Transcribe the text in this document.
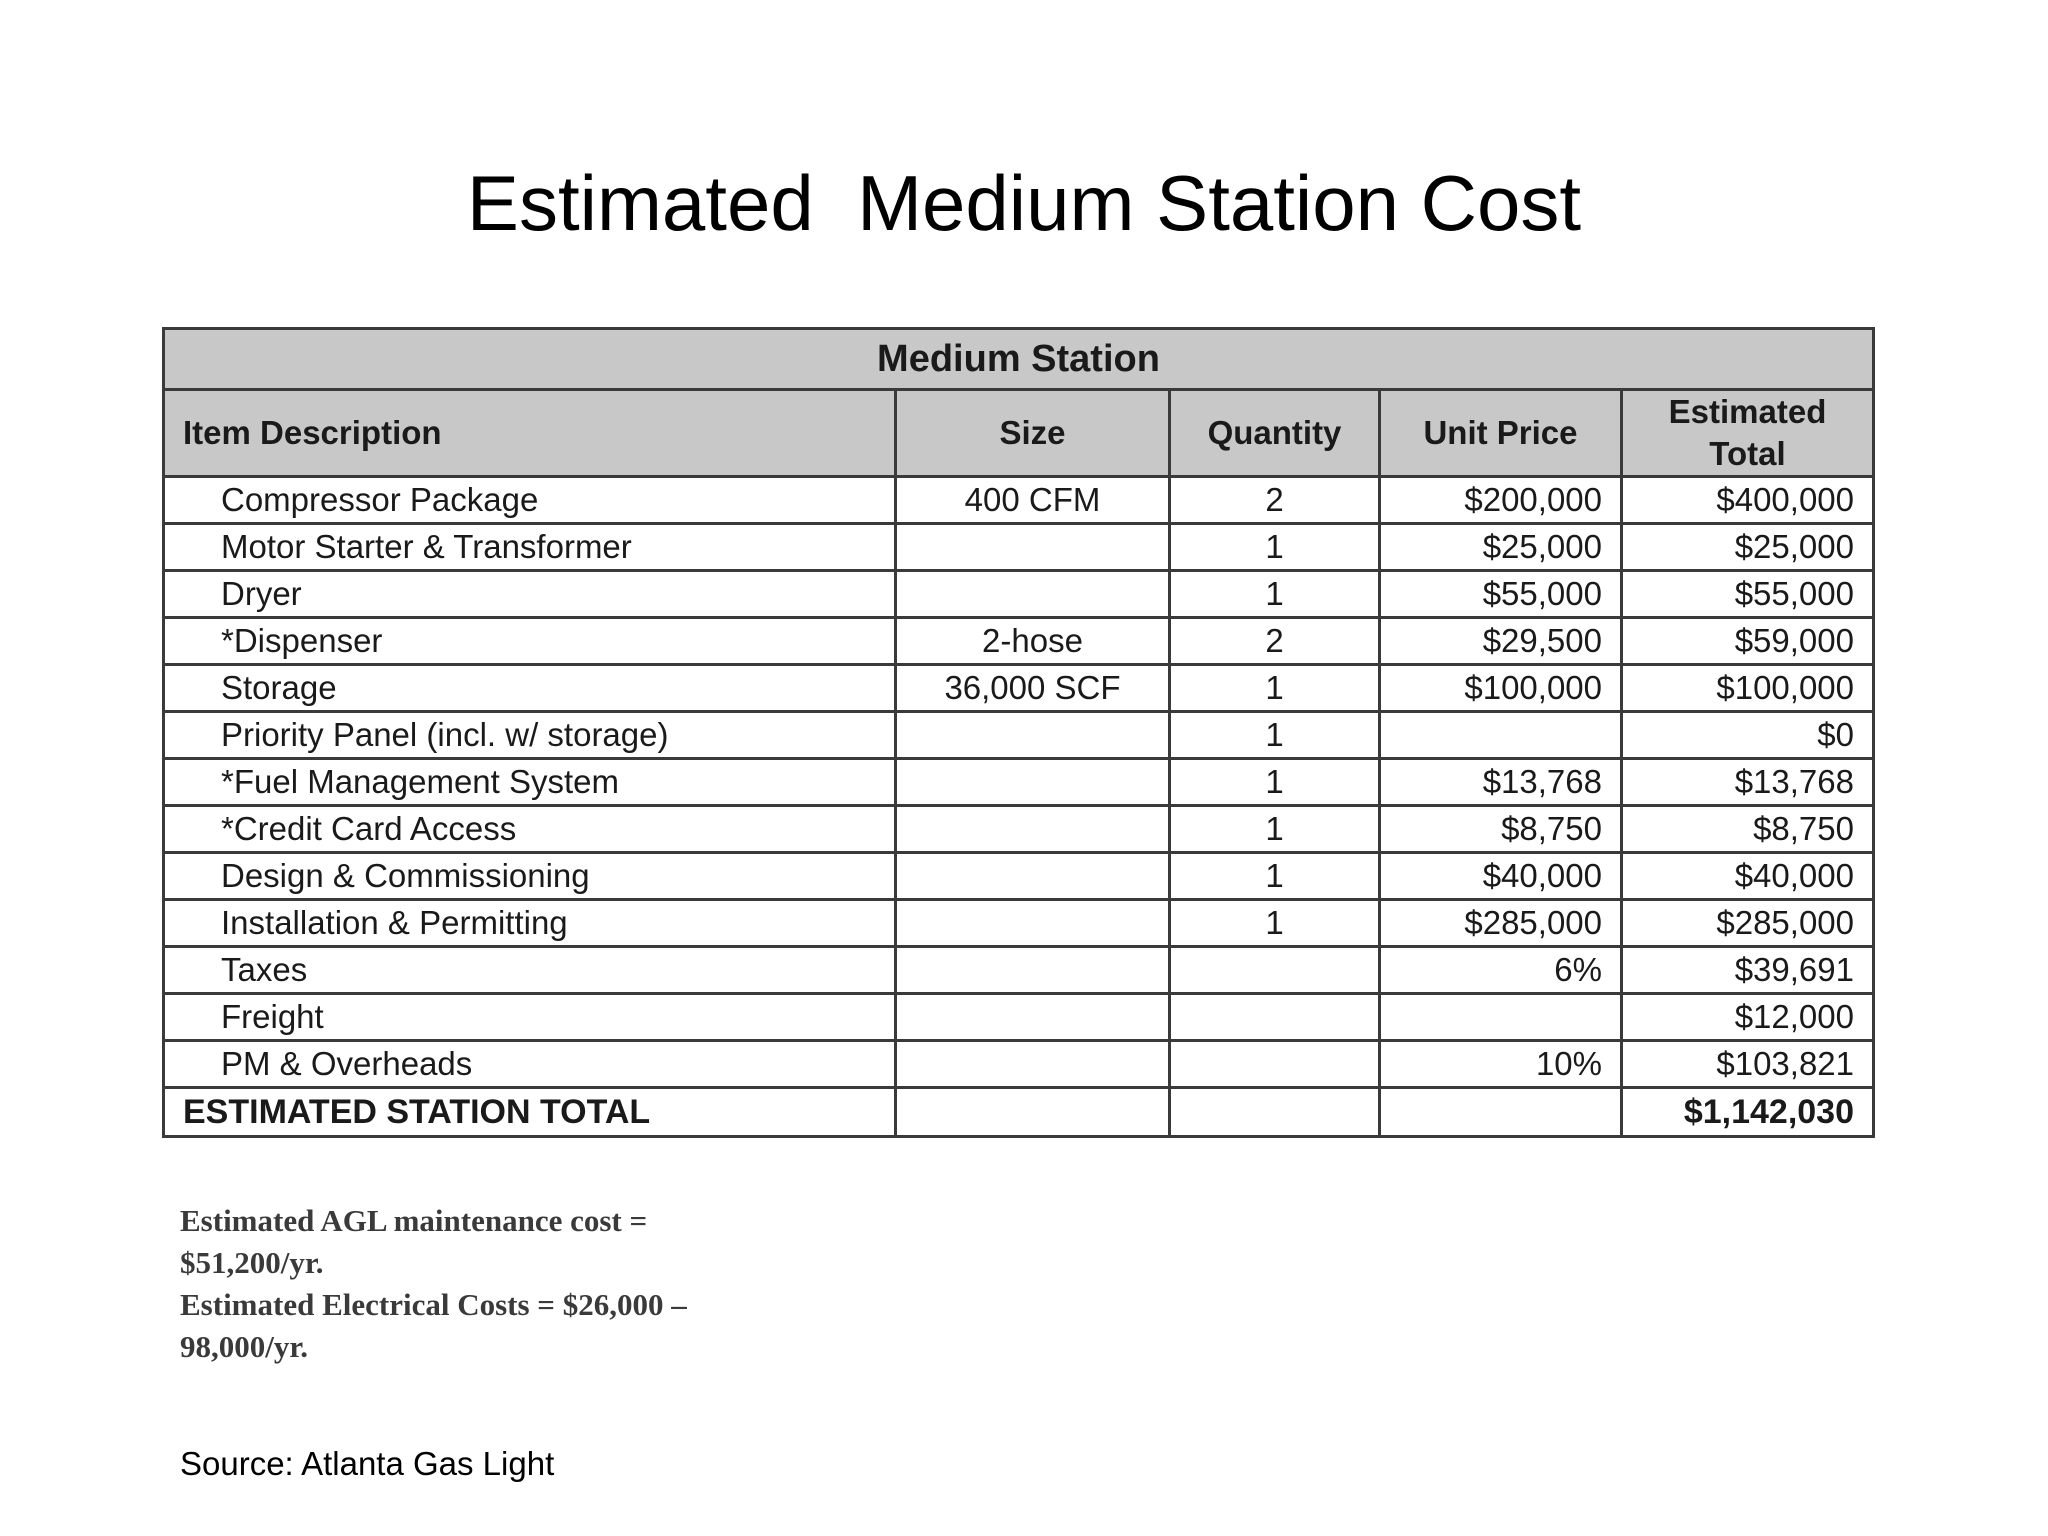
Estimated  Medium Station Cost
Medium Station				
Item Description	Size	Quantity	Unit Price	Estimated
Total
Compressor Package	400 CFM	2	$200,000	$400,000
Motor Starter & Transformer		1	$25,000	$25,000
Dryer		1	$55,000	$55,000
*Dispenser	2-hose	2	$29,500	$59,000
Storage	36,000 SCF	1	$100,000	$100,000
Priority Panel (incl. w/ storage)		1		$0
*Fuel Management System		1	$13,768	$13,768
*Credit Card Access		1	$8,750	$8,750
Design & Commissioning		1	$40,000	$40,000
Installation & Permitting		1	$285,000	$285,000
Taxes			6%	$39,691
Freight				$12,000
PM & Overheads			10%	$103,821
ESTIMATED STATION TOTAL				$1,142,030
Estimated AGL maintenance cost =
$51,200/yr.
Estimated Electrical Costs = $26,000 –
98,000/yr.
Source: Atlanta Gas Light
